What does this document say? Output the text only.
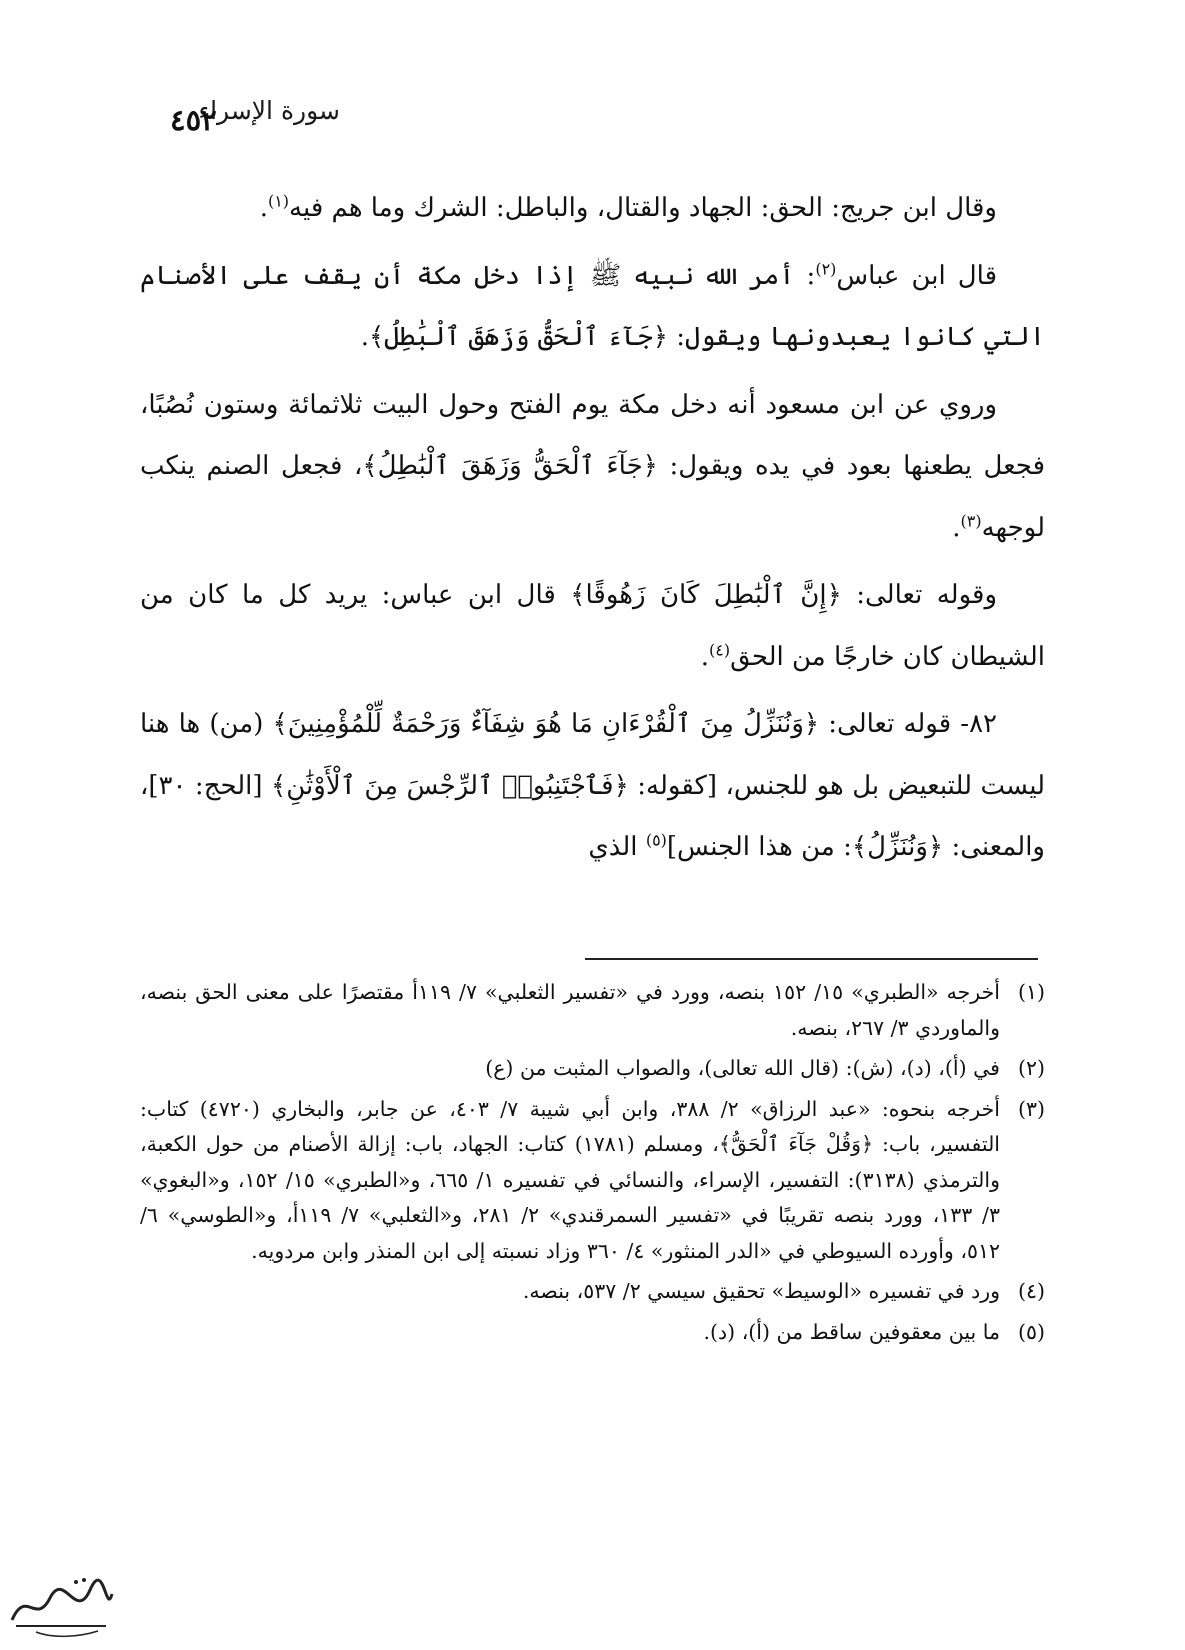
سورة الإسراء
٤٥٢

وقال ابن جريج: الحق: الجهاد والقتال، والباطل: الشرك وما هم فيه$^{(١)}$.

قال ابن عباس$^{(٢)}$: أمر الله نبيه ﷺ إذا دخل مكة أن يقف على الأصنام التي كانوا يعبدونها ويقول: ﴿جَآءَ ٱلْحَقُّ وَزَهَقَ ٱلْبَٰطِلُ﴾.

وروي عن ابن مسعود أنه دخل مكة يوم الفتح وحول البيت ثلاثمائة وستون نُصُبًا، فجعل يطعنها بعود في يده ويقول: ﴿جَآءَ ٱلْحَقُّ وَزَهَقَ ٱلْبَٰطِلُ﴾، فجعل الصنم ينكب لوجهه$^{(٣)}$.

وقوله تعالى: ﴿إِنَّ ٱلْبَٰطِلَ كَانَ زَهُوقًا﴾ قال ابن عباس: يريد كل ما كان من الشيطان كان خارجًا من الحق$^{(٤)}$.

٨٢- قوله تعالى: ﴿وَنُنَزِّلُ مِنَ ٱلْقُرْءَانِ مَا هُوَ شِفَآءٌ وَرَحْمَةٌ لِّلْمُؤْمِنِينَ﴾ (من) ها هنا ليست للتبعيض بل هو للجنس، [كقوله: ﴿فَٱجْتَنِبُوا۟ ٱلرِّجْسَ مِنَ ٱلْأَوْثَٰنِ﴾ [الحج: ٣٠]، والمعنى: ﴿وَنُنَزِّلُ﴾: من هذا الجنس]$^{(٥)}$ الذي

(١)
أخرجه «الطبري» ١٥/ ١٥٢ بنصه، وورد في «تفسير الثعلبي» ٧/ ١١٩أ مقتصرًا على معنى الحق بنصه، والماوردي ٣/ ٢٦٧، بنصه.
(٢)
في (أ)، (د)، (ش): (قال الله تعالى)، والصواب المثبت من (ع)
(٣)
أخرجه بنحوه: «عبد الرزاق» ٢/ ٣٨٨، وابن أبي شيبة ٧/ ٤٠٣، عن جابر، والبخاري (٤٧٢٠) كتاب: التفسير، باب: ﴿وَقُلْ جَآءَ ٱلْحَقُّ﴾، ومسلم (١٧٨١) كتاب: الجهاد، باب: إزالة الأصنام من حول الكعبة، والترمذي (٣١٣٨): التفسير، الإسراء، والنسائي في تفسيره ١/ ٦٦٥، و«الطبري» ١٥/ ١٥٢، و«البغوي» ٣/ ١٣٣، وورد بنصه تقريبًا في «تفسير السمرقندي» ٢/ ٢٨١، و«الثعلبي» ٧/ ١١٩أ، و«الطوسي» ٦/ ٥١٢، وأورده السيوطي في «الدر المنثور» ٤/ ٣٦٠ وزاد نسبته إلى ابن المنذر وابن مردويه.
(٤)
ورد في تفسيره «الوسيط» تحقيق سيسي ٢/ ٥٣٧، بنصه.
(٥)
ما بين معقوفين ساقط من (أ)، (د).
